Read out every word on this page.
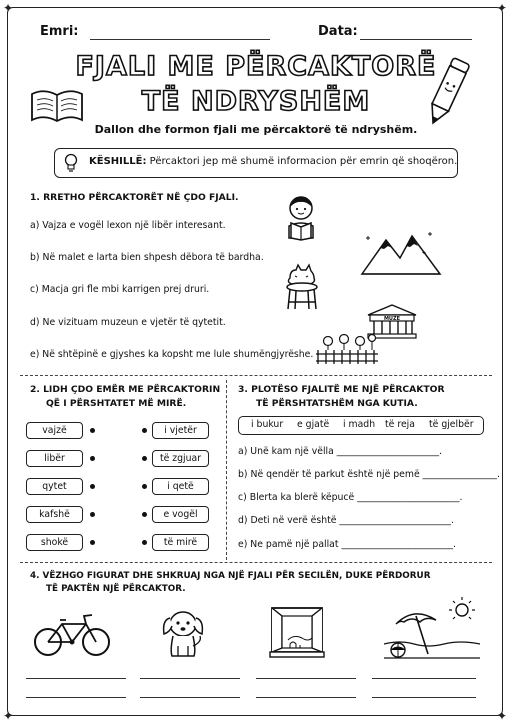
✦	✦
✦	✦
Emri:	Data:
FJALI ME PËRCAKTORË
TË NDRYSHËM
Dallon dhe formon fjali me përcaktorë të ndryshëm.
KËSHILLË: Përcaktori jep më shumë informacion për emrin që shoqëron.
1. RRETHO PËRCAKTORËT NË ÇDO FJALI.
a) Vajza e vogël lexon një libër interesant.
b) Në malet e larta bien shpesh dëbora të bardha.
c) Macja gri fle mbi karrigen prej druri.
d) Ne vizituam muzeun e vjetër të qytetit.
e) Në shtëpinë e gjyshes ka kopsht me lule shumëngjyrëshe.
MUZE
2. LIDH ÇDO EMËR ME PËRCAKTORIN
QË I PËRSHTATET MË MIRË.
vajzë
libër
qytet
kafshë
shokë
i vjetër
të zgjuar
i qetë
e vogël
të mirë
3. PLOTËSO FJALITË ME NJË PËRCAKTOR
TË PËRSHTATSHËM NGA KUTIA.
i bukur e gjatë i madh të reja të gjelbër
a) Unë kam një vëlla ______________________.
b) Në qendër të parkut është një pemë ________________.
c) Blerta ka blerë këpucë ______________________.
d) Deti në verë është ________________________.
e) Ne pamë një pallat ________________________.
4. VËZHGO FIGURAT DHE SHKRUAJ NGA NJË FJALI PËR SECILËN, DUKE PËRDORUR
TË PAKTËN NJË PËRCAKTOR.
